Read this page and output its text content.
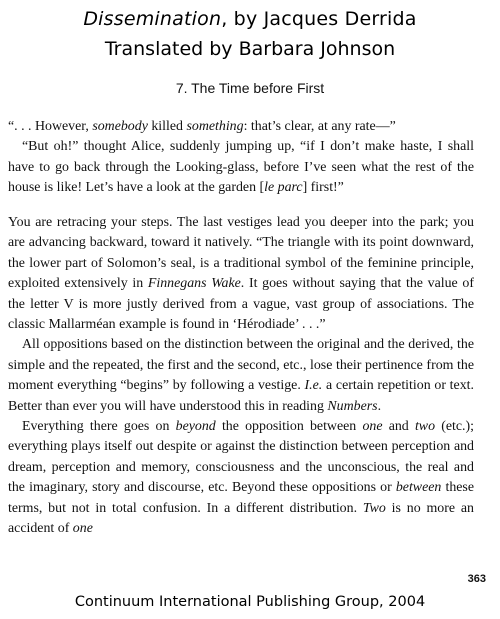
Dissemination, by Jacques Derrida
Translated by Barbara Johnson
7. The Time before First

“. . . However, somebody killed something: that’s clear, at any rate—”

“But oh!” thought Alice, suddenly jumping up, “if I don’t make haste, I shall have to go back through the Looking-glass, before I’ve seen what the rest of the house is like! Let’s have a look at the garden [le parc] first!”

You are retracing your steps. The last vestiges lead you deeper into the park; you are advancing backward, toward it natively. “The triangle with its point downward, the lower part of Solomon’s seal, is a traditional symbol of the feminine principle, exploited extensively in Finnegans Wake. It goes without saying that the value of the letter V is more justly derived from a vague, vast group of associations. The classic Mallarméan example is found in ‘Hérodiade’ . . .”

All oppositions based on the distinction between the original and the derived, the simple and the repeated, the first and the second, etc., lose their pertinence from the moment everything “begins” by following a vestige. I.e. a certain repetition or text. Better than ever you will have understood this in reading Numbers.

Everything there goes on beyond the opposition between one and two (etc.); everything plays itself out despite or against the distinction between perception and dream, perception and memory, consciousness and the unconscious, the real and the imaginary, story and discourse, etc. Beyond these oppositions or between these terms, but not in total confusion. In a different distribution. Two is no more an accident of one

363
Continuum International Publishing Group, 2004
